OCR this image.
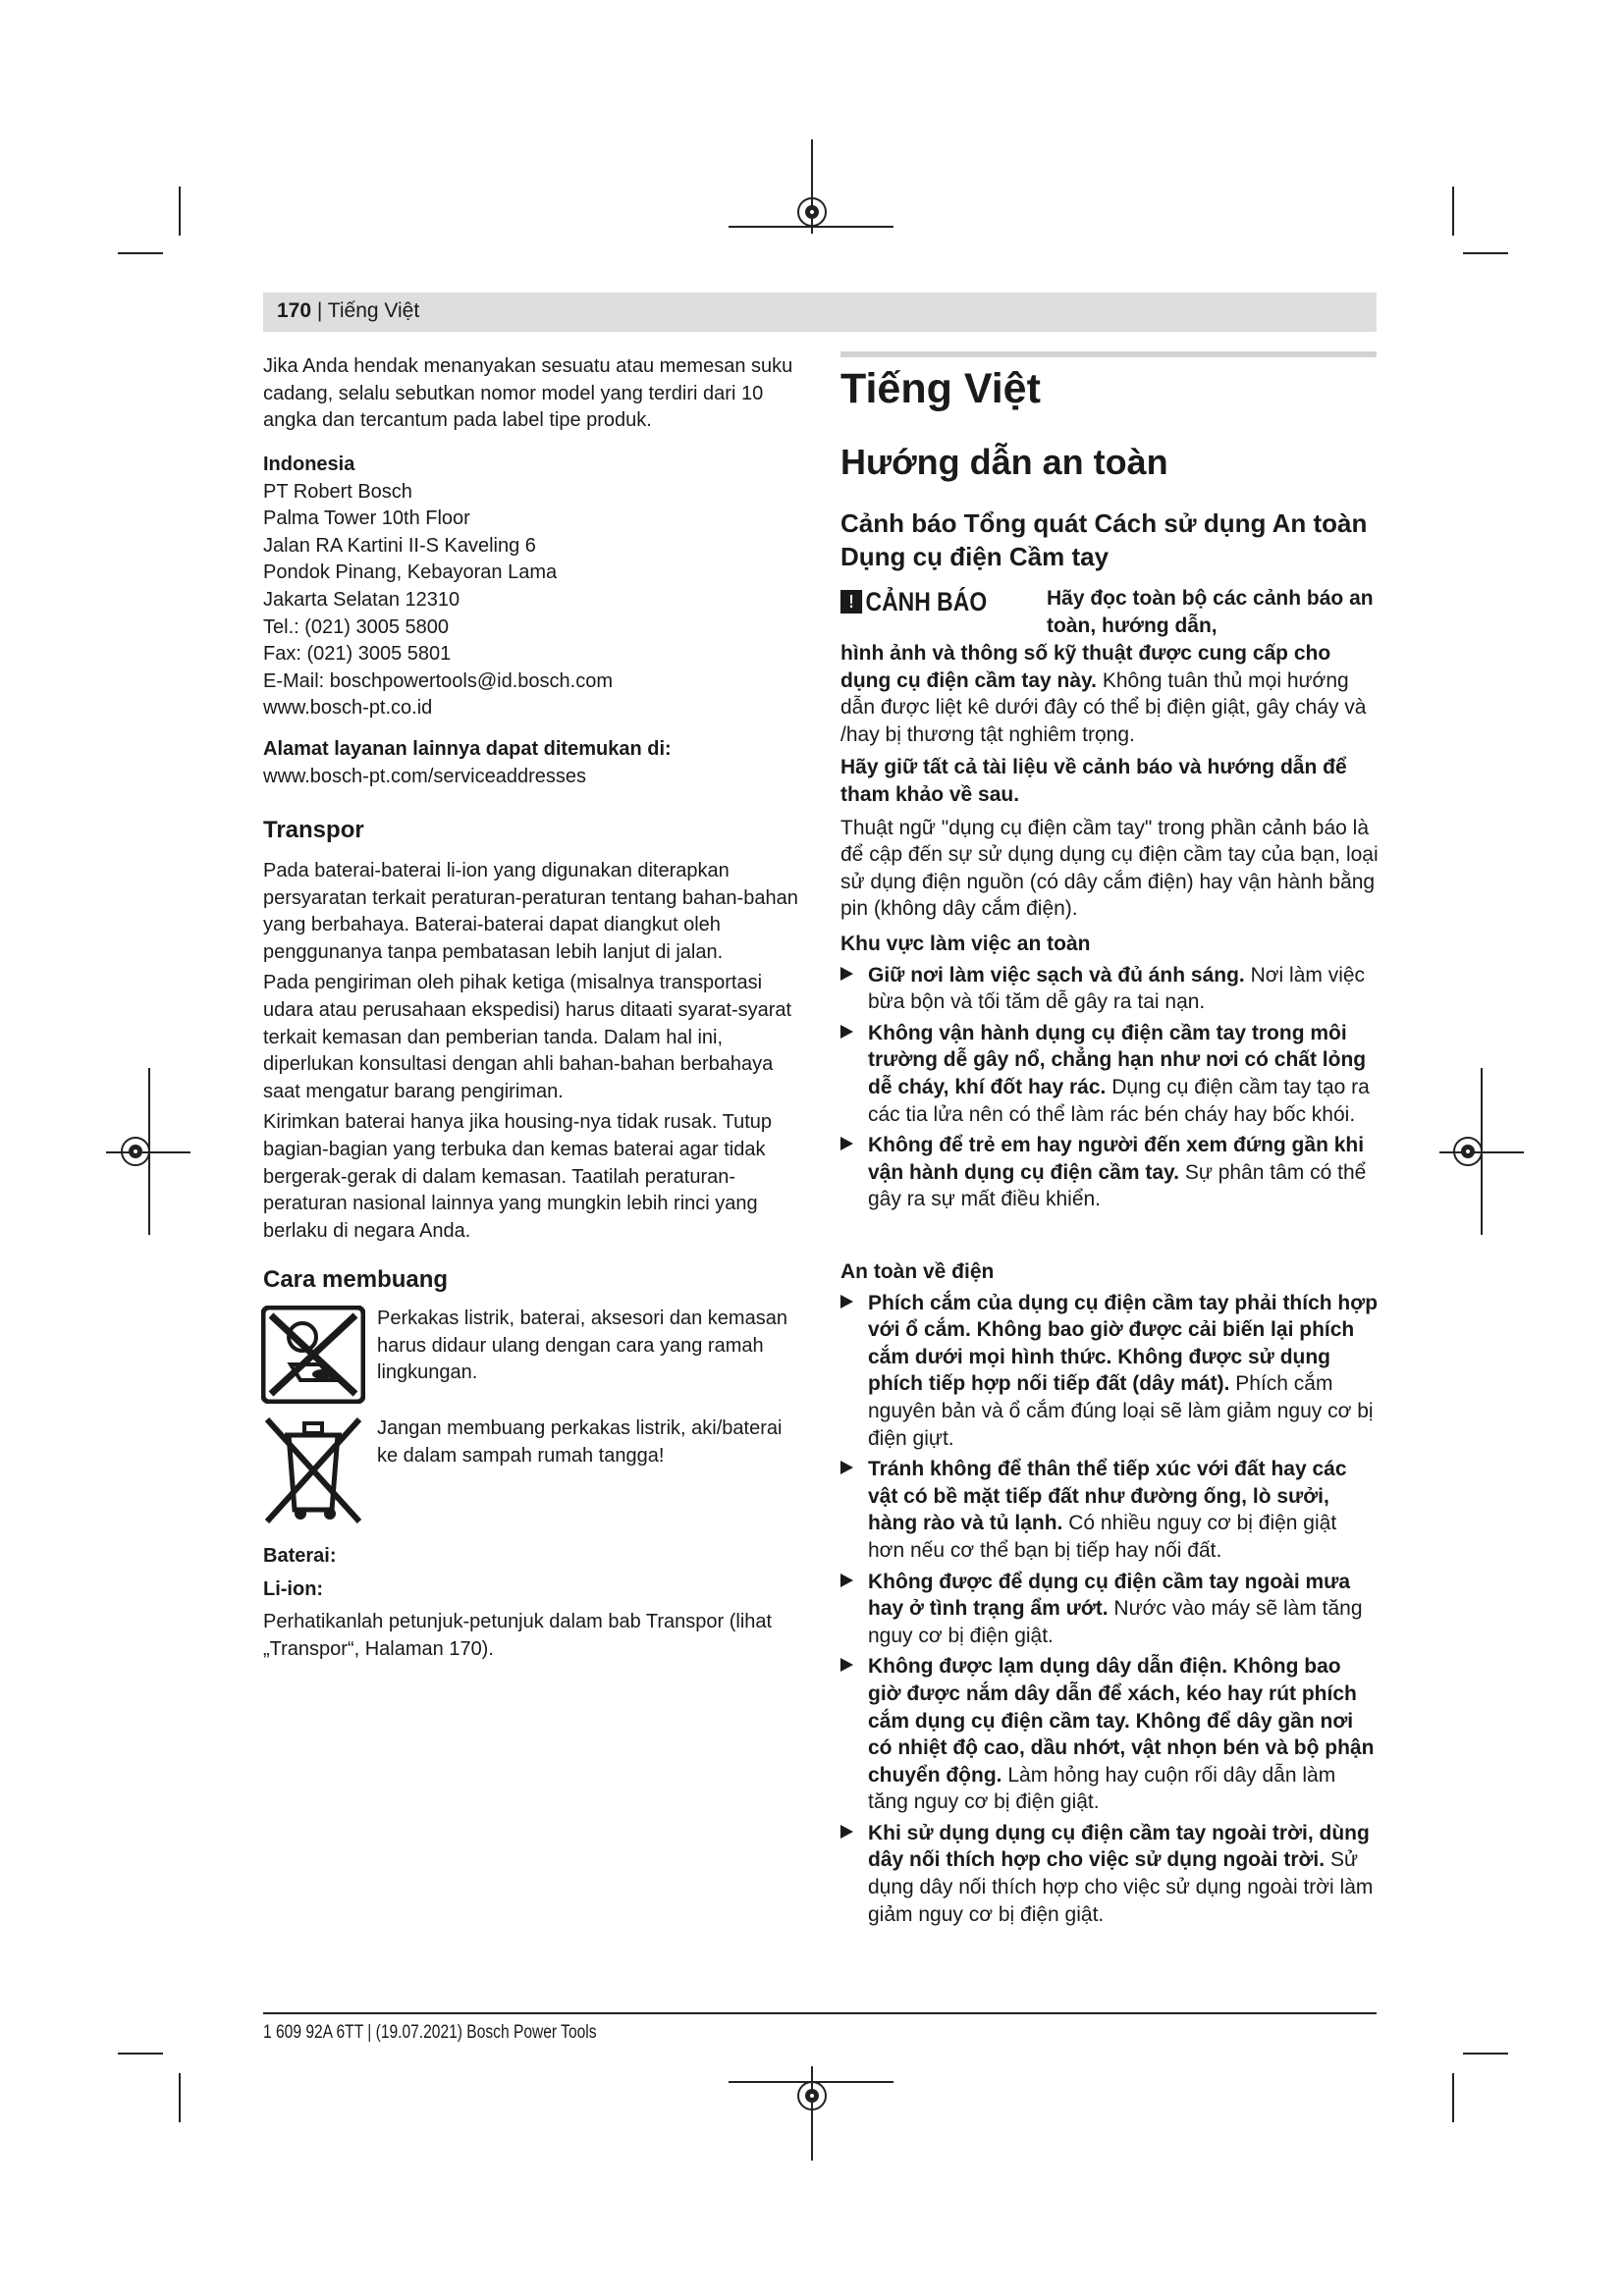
170 | Tiếng Việt

Jika Anda hendak menanyakan sesuatu atau memesan suku cadang, selalu sebutkan nomor model yang terdiri dari 10 angka dan tercantum pada label tipe produk.

Indonesia

PT Robert Bosch

Palma Tower 10th Floor

Jalan RA Kartini II-S Kaveling 6

Pondok Pinang, Kebayoran Lama

Jakarta Selatan 12310

Tel.: (021) 3005 5800

Fax: (021) 3005 5801

E-Mail: boschpowertools@id.bosch.com

www.bosch-pt.co.id

Alamat layanan lainnya dapat ditemukan di:

www.bosch-pt.com/serviceaddresses

Transpor

Pada baterai-baterai li-ion yang digunakan diterapkan persyaratan terkait peraturan-peraturan tentang bahan-bahan yang berbahaya. Baterai-baterai dapat diangkut oleh penggunanya tanpa pembatasan lebih lanjut di jalan.

Pada pengiriman oleh pihak ketiga (misalnya transportasi udara atau perusahaan ekspedisi) harus ditaati syarat-syarat terkait kemasan dan pemberian tanda. Dalam hal ini, diperlukan konsultasi dengan ahli bahan-bahan berbahaya saat mengatur barang pengiriman.

Kirimkan baterai hanya jika housing-nya tidak rusak. Tutup bagian-bagian yang terbuka dan kemas baterai agar tidak bergerak-gerak di dalam kemasan. Taatilah peraturan-peraturan nasional lainnya yang mungkin lebih rinci yang berlaku di negara Anda.

Cara membuang

Perkakas listrik, baterai, aksesori dan kemasan harus didaur ulang dengan cara yang ramah lingkungan.

Jangan membuang perkakas listrik, aki/baterai ke dalam sampah rumah tangga!

Baterai:

Li-ion:

Perhatikanlah petunjuk-petunjuk dalam bab Transpor (lihat „Transpor“, Halaman 170).

Tiếng Việt
Hướng dẫn an toàn
Cảnh báo Tổng quát Cách sử dụng An toàn Dụng cụ điện Cầm tay
! CẢNH BÁO	Hãy đọc toàn bộ các cảnh báo an toàn, hướng dẫn,

hình ảnh và thông số kỹ thuật được cung cấp cho dụng cụ điện cầm tay này. Không tuân thủ mọi hướng dẫn được liệt kê dưới đây có thể bị điện giật, gây cháy và /hay bị thương tật nghiêm trọng.

Hãy giữ tất cả tài liệu về cảnh báo và hướng dẫn để tham khảo về sau.

Thuật ngữ "dụng cụ điện cầm tay" trong phần cảnh báo là để cập đến sự sử dụng dụng cụ điện cầm tay của bạn, loại sử dụng điện nguồn (có dây cắm điện) hay vận hành bằng pin (không dây cắm điện).

Khu vực làm việc an toàn

Giữ nơi làm việc sạch và đủ ánh sáng. Nơi làm việc bừa bộn và tối tăm dễ gây ra tai nạn.
Không vận hành dụng cụ điện cầm tay trong môi trường dễ gây nổ, chẳng hạn như nơi có chất lỏng dễ cháy, khí đốt hay rác. Dụng cụ điện cầm tay tạo ra các tia lửa nên có thể làm rác bén cháy hay bốc khói.
Không để trẻ em hay người đến xem đứng gần khi vận hành dụng cụ điện cầm tay. Sự phân tâm có thể gây ra sự mất điều khiển.

An toàn về điện

Phích cắm của dụng cụ điện cầm tay phải thích hợp với ổ cắm. Không bao giờ được cải biến lại phích cắm dưới mọi hình thức. Không được sử dụng phích tiếp hợp nối tiếp đất (dây mát). Phích cắm nguyên bản và ổ cắm đúng loại sẽ làm giảm nguy cơ bị điện giựt.
Tránh không để thân thể tiếp xúc với đất hay các vật có bề mặt tiếp đất như đường ống, lò sưởi, hàng rào và tủ lạnh. Có nhiều nguy cơ bị điện giật hơn nếu cơ thể bạn bị tiếp hay nối đất.
Không được để dụng cụ điện cầm tay ngoài mưa hay ở tình trạng ẩm ướt. Nước vào máy sẽ làm tăng nguy cơ bị điện giật.
Không được lạm dụng dây dẫn điện. Không bao giờ được nắm dây dẫn để xách, kéo hay rút phích cắm dụng cụ điện cầm tay. Không để dây gần nơi có nhiệt độ cao, dầu nhớt, vật nhọn bén và bộ phận chuyển động. Làm hỏng hay cuộn rối dây dẫn làm tăng nguy cơ bị điện giật.
Khi sử dụng dụng cụ điện cầm tay ngoài trời, dùng dây nối thích hợp cho việc sử dụng ngoài trời. Sử dụng dây nối thích hợp cho việc sử dụng ngoài trời làm giảm nguy cơ bị điện giật.
1 609 92A 6TT | (19.07.2021) Bosch Power Tools
